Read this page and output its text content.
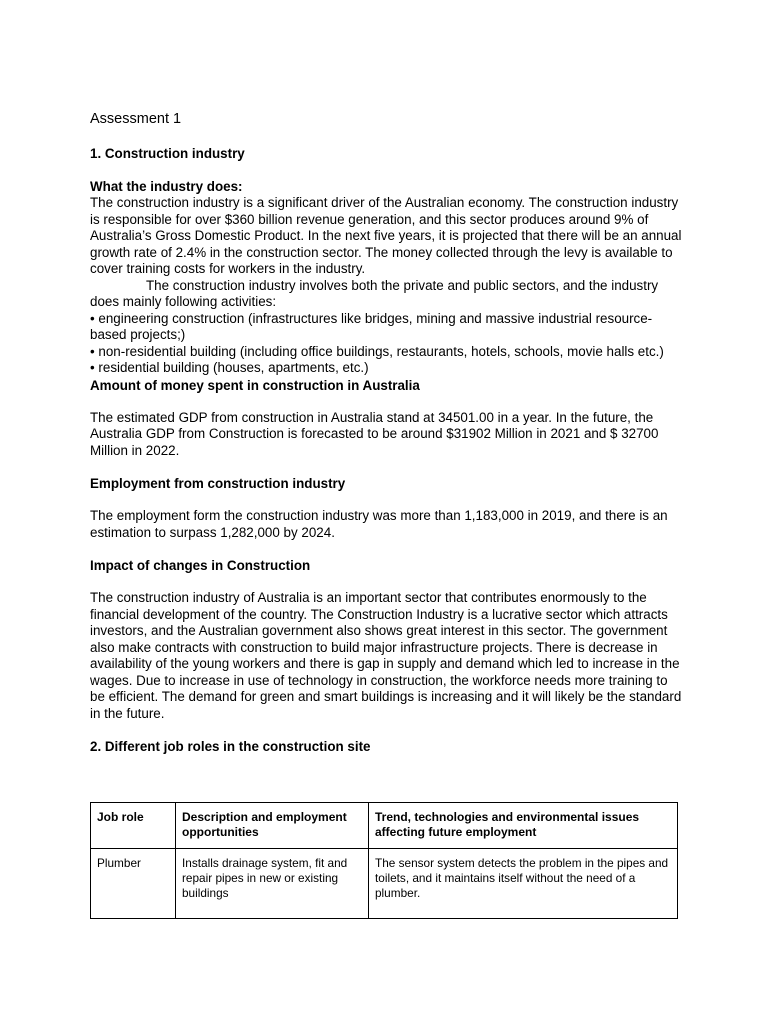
Assessment 1
1. Construction industry
What the industry does:

The construction industry is a significant driver of the Australian economy. The construction industry is responsible for over $360 billion revenue generation, and this sector produces around 9% of Australia’s Gross Domestic Product. In the next five years, it is projected that there will be an annual growth rate of 2.4% in the construction sector. The money collected through the levy is available to cover training costs for workers in the industry.

The construction industry involves both the private and public sectors, and the industry does mainly following activities:

• engineering construction (infrastructures like bridges, mining and massive industrial resource-based projects;)
• non-residential building (including office buildings, restaurants, hotels, schools, movie halls etc.)
• residential building (houses, apartments, etc.)
Amount of money spent in construction in Australia

The estimated GDP from construction in Australia stand at 34501.00 in a year. In the future, the Australia GDP from Construction is forecasted to be around $31902 Million in 2021 and $ 32700 Million in 2022.

Employment from construction industry

The employment form the construction industry was more than 1,183,000 in 2019, and there is an estimation to surpass 1,282,000 by 2024.

Impact of changes in Construction

The construction industry of Australia is an important sector that contributes enormously to the financial development of the country. The Construction Industry is a lucrative sector which attracts investors, and the Australian government also shows great interest in this sector. The government also make contracts with construction to build major infrastructure projects. There is decrease in availability of the young workers and there is gap in supply and demand which led to increase in the wages. Due to increase in use of technology in construction, the workforce needs more training to be efficient. The demand for green and smart buildings is increasing and it will likely be the standard in the future.

2. Different job roles in the construction site
Job role	Description and employment opportunities	Trend, technologies and environmental issues affecting future employment
Plumber	Installs drainage system, fit and repair pipes in new or existing buildings	The sensor system detects the problem in the pipes and toilets, and it maintains itself without the need of a plumber.
